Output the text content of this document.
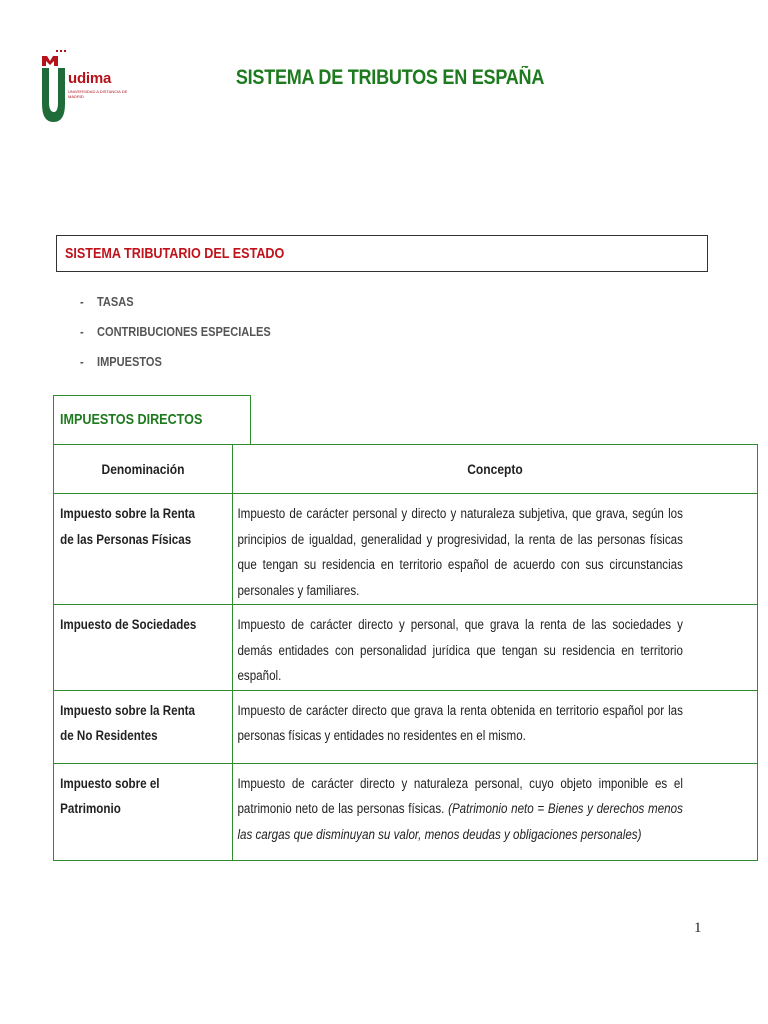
udima
UNIVERSIDAD A DISTANCIA DE MADRID
SISTEMA DE TRIBUTOS EN ESPAÑA
SISTEMA TRIBUTARIO DEL ESTADO
- TASAS
- CONTRIBUCIONES ESPECIALES
- IMPUESTOS
IMPUESTOS DIRECTOS
Denominación	Concepto

Impuesto sobre la Renta de las Personas Físicas	Impuesto de carácter personal y directo y naturaleza subjetiva, que grava, según los principios de igualdad, generalidad y progresividad, la renta de las personas físicas que tengan su residencia en territorio español de acuerdo con sus circunstancias personales y familiares.

Impuesto de Sociedades	Impuesto de carácter directo y personal, que grava la renta de las sociedades y demás entidades con personalidad jurídica que tengan su residencia en territorio español.

Impuesto sobre la Renta de No Residentes	Impuesto de carácter directo que grava la renta obtenida en territorio español por las personas físicas y entidades no residentes en el mismo.

Impuesto sobre el Patrimonio	Impuesto de carácter directo y naturaleza personal, cuyo objeto imponible es el patrimonio neto de las personas físicas. (Patrimonio neto = Bienes y derechos menos las cargas que disminuyan su valor, menos deudas y obligaciones personales)
1
